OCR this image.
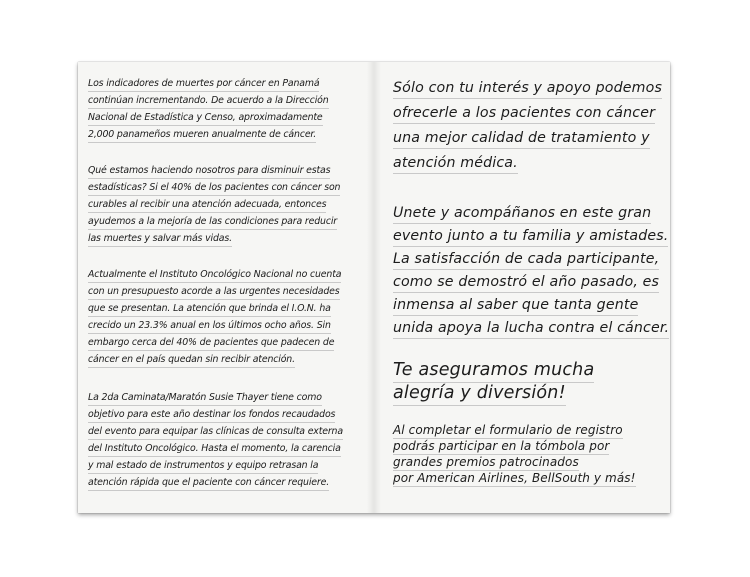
Los indicadores de muertes por cáncer en Panamá

continúan incrementando. De acuerdo a la Dirección

Nacional de Estadística y Censo, aproximadamente

2,000 panameños mueren anualmente de cáncer.

Qué estamos haciendo nosotros para disminuir estas

estadísticas? Si el 40% de los pacientes con cáncer son

curables al recibir una atención adecuada, entonces

ayudemos a la mejoría de las condiciones para reducir

las muertes y salvar más vidas.

Actualmente el Instituto Oncológico Nacional no cuenta

con un presupuesto acorde a las urgentes necesidades

que se presentan. La atención que brinda el I.O.N. ha

crecido un 23.3% anual en los últimos ocho años. Sin

embargo cerca del 40% de pacientes que padecen de

cáncer en el país quedan sin recibir atención.

La 2da Caminata/Maratón Susie Thayer tiene como

objetivo para este año destinar los fondos recaudados

del evento para equipar las clínicas de consulta externa

del Instituto Oncológico. Hasta el momento, la carencia

y mal estado de instrumentos y equipo retrasan la

atención rápida que el paciente con cáncer requiere.

Sólo con tu interés y apoyo podemos

ofrecerle a los pacientes con cáncer

una mejor calidad de tratamiento y

atención médica.

Unete y acompáñanos en este gran

evento junto a tu familia y amistades.

La satisfacción de cada participante,

como se demostró el año pasado, es

inmensa al saber que tanta gente

unida apoya la lucha contra el cáncer.

Te aseguramos mucha

alegría y diversión!

Al completar el formulario de registro

podrás participar en la tómbola por

grandes premios patrocinados

por American Airlines, BellSouth y más!
